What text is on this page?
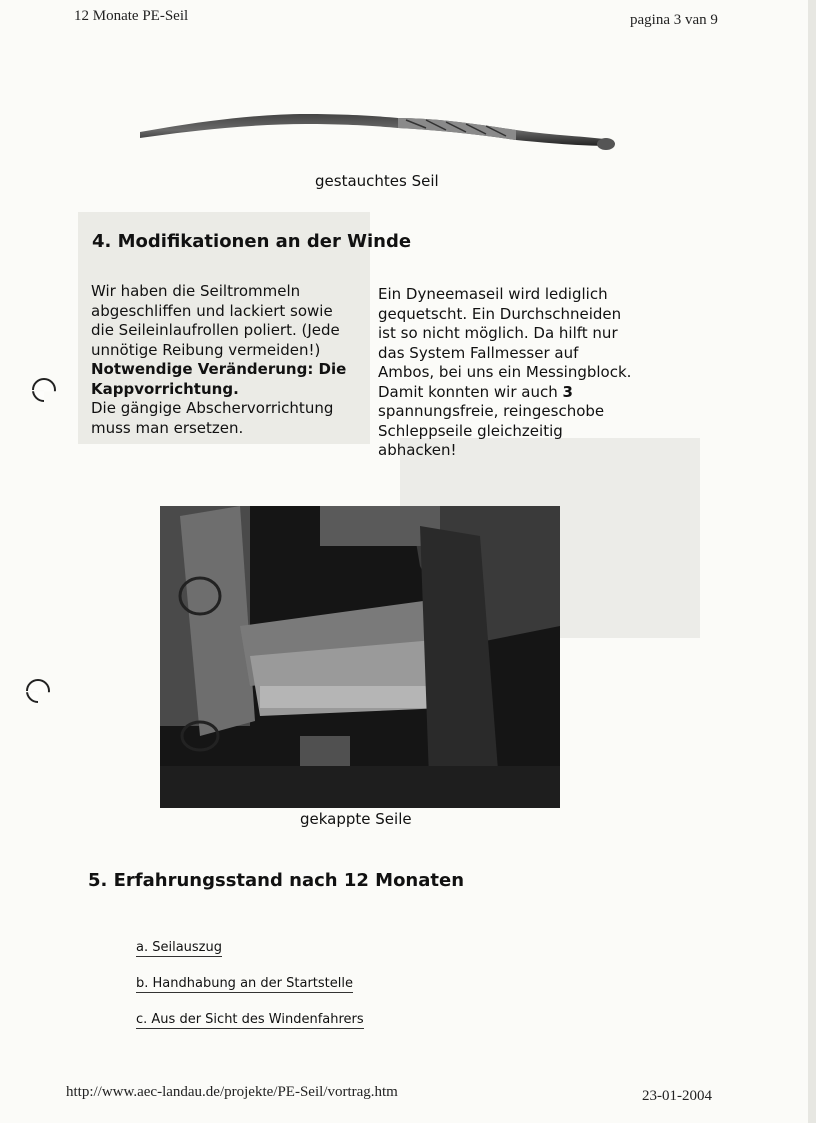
12 Monate PE-Seil	pagina 3 van 9
gestauchtes Seil
4. Modifikationen an der Winde

Wir haben die Seiltrommeln abgeschliffen und lackiert sowie die Seileinlaufrollen poliert. (Jede unnötige Reibung vermeiden!)

Notwendige Veränderung: Die Kappvorrichtung.

Die gängige Abschervorrichtung muss man ersetzen.

Ein Dyneemaseil wird lediglich gequetscht. Ein Durchschneiden ist so nicht möglich. Da hilft nur das System Fallmesser auf Ambos, bei uns ein Messingblock. Damit konnten wir auch 3 spannungsfreie, reingeschobe Schleppseile gleichzeitig abhacken!

gekappte Seile
5. Erfahrungsstand nach 12 Monaten
a. Seilauszug
b. Handhabung an der Startstelle
c. Aus der Sicht des Windenfahrers
http://www.aec-landau.de/projekte/PE-Seil/vortrag.htm	23-01-2004
